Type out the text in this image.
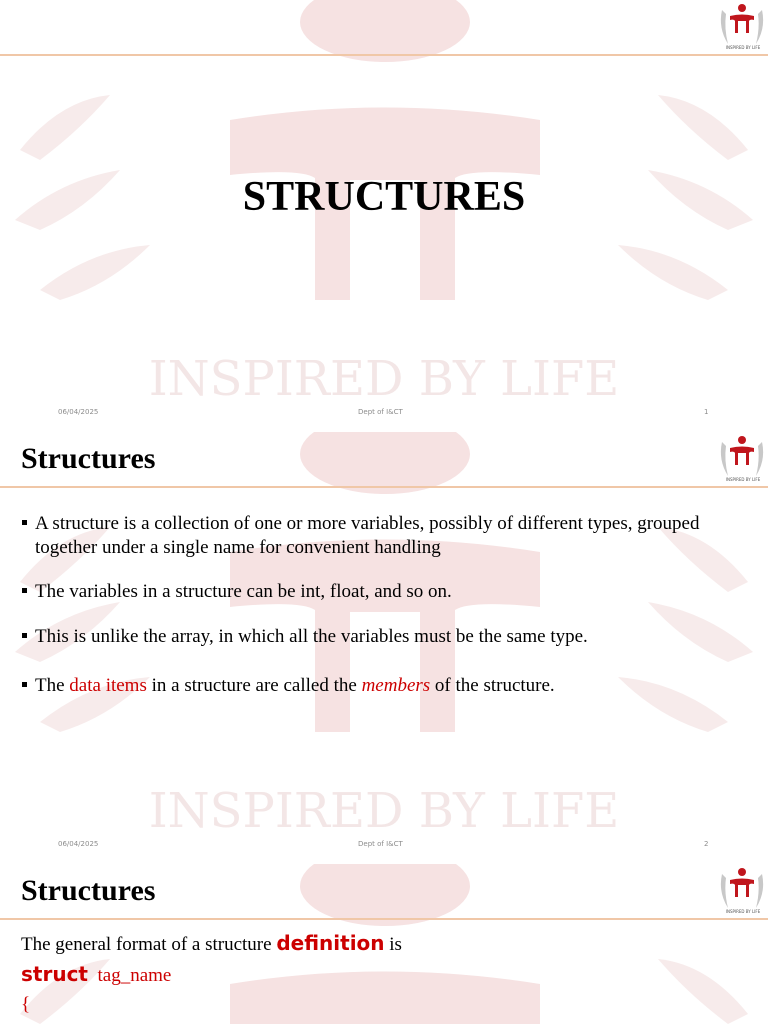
INSPIRED BY LIFE
INSPIRED BY LIFE
STRUCTURES
06/04/2025	Dept of I&CT	1
INSPIRED BY LIFE
INSPIRED BY LIFE
Structures
A structure is a collection of one or more variables, possibly of different types, grouped together under a single name for convenient handling
The variables in a structure can be int, float, and so on.
This is unlike the array, in which all the variables must be the same type.
The data items in a structure are called the members of the structure.
06/04/2025	Dept of I&CT	2
INSPIRED BY LIFE
Structures
The general format of a structure definition is
struct tag_name
{
